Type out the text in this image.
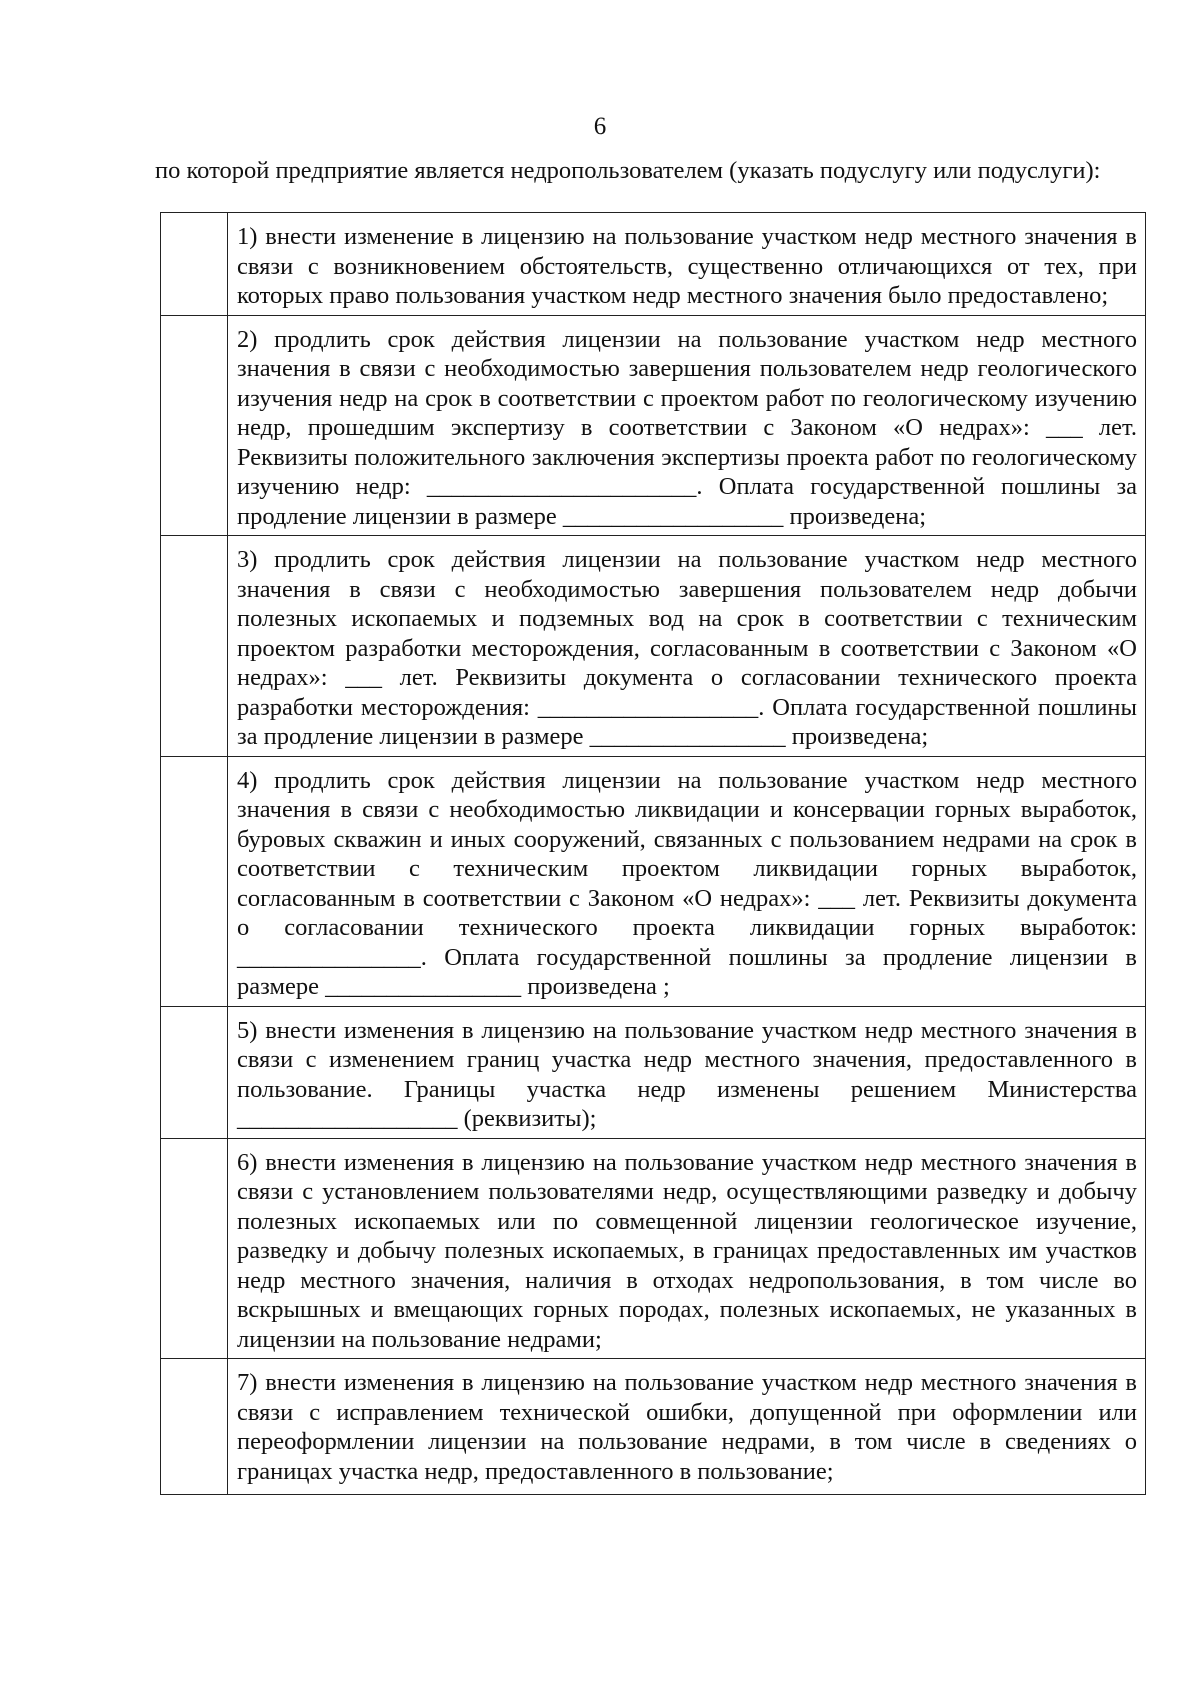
6
по которой предприятие является недропользователем (указать подуслугу или подуслуги):
	1) внести изменение в лицензию на пользование участком недр местного значения в связи с возникновением обстоятельств, существенно отличающихся от тех, при которых право пользования участком недр местного значения было предоставлено;
	2) продлить срок действия лицензии на пользование участком недр местного значения в связи с необходимостью завершения пользователем недр геологического изучения недр на срок в соответствии с проектом работ по геологическому изучению недр, прошедшим экспертизу в соответствии с Законом «О недрах»: ___ лет. Реквизиты положительного заключения экспертизы проекта работ по геологическому изучению недр: ______________________. Оплата государственной пошлины за продление лицензии в размере __________________ произведена;
	3) продлить срок действия лицензии на пользование участком недр местного значения в связи с необходимостью завершения пользователем недр добычи полезных ископаемых и подземных вод на срок в соответствии с техническим проектом разработки месторождения, согласованным в соответствии с Законом «О недрах»: ___ лет. Реквизиты документа о согласовании технического проекта разработки месторождения: __________________. Оплата государственной пошлины за продление лицензии в размере ________________ произведена;
	4) продлить срок действия лицензии на пользование участком недр местного значения в связи с необходимостью ликвидации и консервации горных выработок, буровых скважин и иных сооружений, связанных с пользованием недрами на срок в соответствии с техническим проектом ликвидации горных выработок, согласованным в соответствии с Законом «О недрах»: ___ лет. Реквизиты документа о согласовании технического проекта ликвидации горных выработок: _______________. Оплата государственной пошлины за продление лицензии в размере ________________ произведена ;
	5) внести изменения в лицензию на пользование участком недр местного значения в связи с изменением границ участка недр местного значения, предоставленного в пользование. Границы участка недр изменены решением Министерства __________________ (реквизиты);
	6) внести изменения в лицензию на пользование участком недр местного значения в связи с установлением пользователями недр, осуществляющими разведку и добычу полезных ископаемых или по совмещенной лицензии геологическое изучение, разведку и добычу полезных ископаемых, в границах предоставленных им участков недр местного значения, наличия в отходах недропользования, в том числе во вскрышных и вмещающих горных породах, полезных ископаемых, не указанных в лицензии на пользование недрами;
	7) внести изменения в лицензию на пользование участком недр местного значения в связи с исправлением технической ошибки, допущенной при оформлении или переоформлении лицензии на пользование недрами, в том числе в сведениях о границах участка недр, предоставленного в пользование;
